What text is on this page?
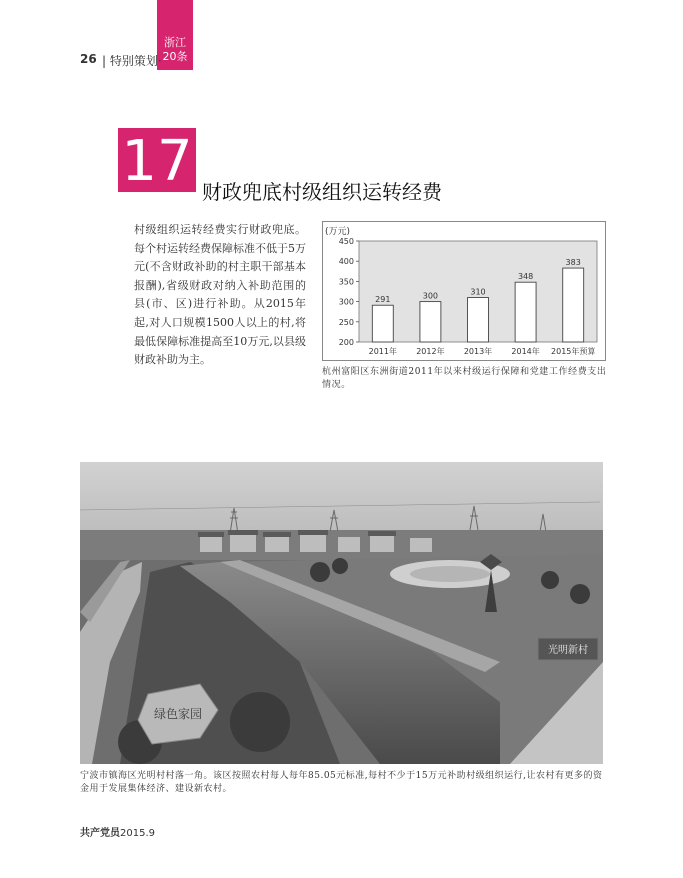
浙江
20条
26 | 特别策划·
17 财政兜底村级组织运转经费

村级组织运转经费实行财政兜底。每个村运转经费保障标准不低于5万元(不含财政补助的村主职干部基本报酬),省级财政对纳入补助范围的县(市、区)进行补助。从2015年起,对人口规模1500人以上的村,将最低保障标准提高至10万元,以县级财政补助为主。

(万元)
200
250
300
350
400
450
291
2011年
300
2012年
310
2013年
348
2014年
383
2015年预算
杭州富阳区东洲街道2011年以来村级运行保障和党建工作经费支出情况。
绿色家园
光明新村
宁波市镇海区光明村村落一角。该区按照农村每人每年85.05元标准,每村不少于15万元补助村级组织运行,让农村有更多的资金用于发展集体经济、建设新农村。
共产党员2015.9
